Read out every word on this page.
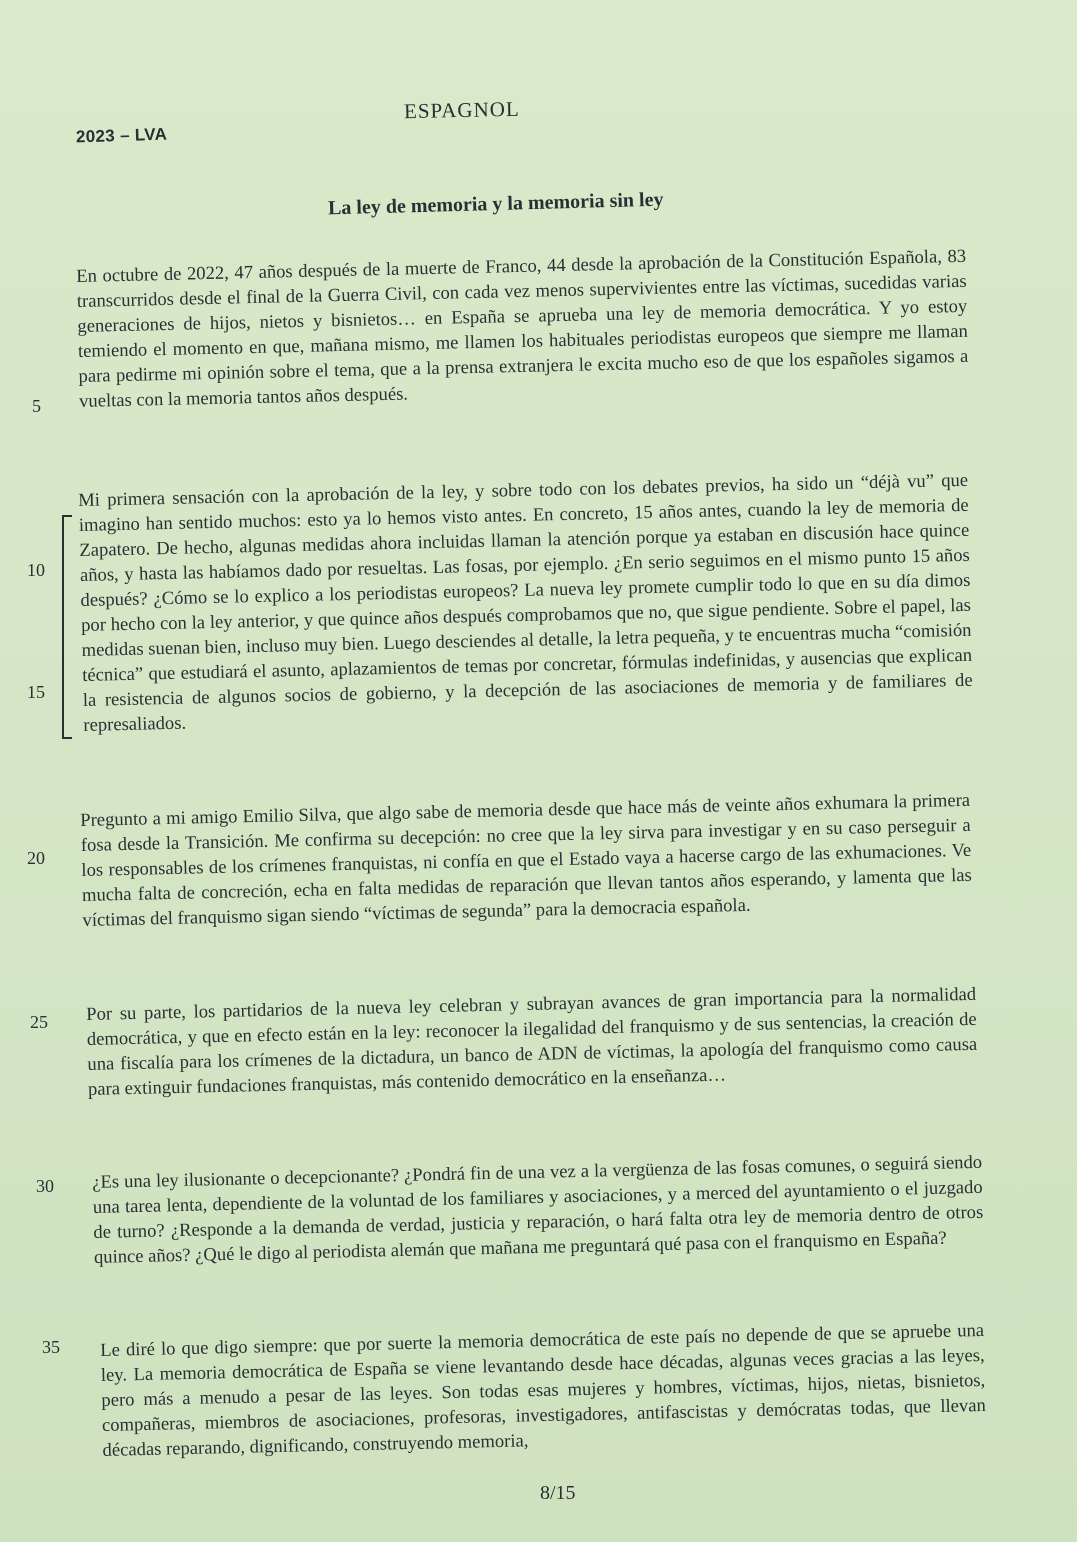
2023 – LVA
ESPAGNOL
La ley de memoria y la memoria sin ley
En octubre de 2022, 47 años después de la muerte de Franco, 44 desde la aprobación de la Constitución Española, 83 transcurridos desde el final de la Guerra Civil, con cada vez menos supervivientes entre las víctimas, sucedidas varias generaciones de hijos, nietos y bisnietos… en España se aprueba una ley de memoria democrática. Y yo estoy temiendo el momento en que, mañana mismo, me llamen los habituales periodistas europeos que siempre me llaman para pedirme mi opinión sobre el tema, que a la prensa extranjera le excita mucho eso de que los españoles sigamos a vueltas con la memoria tantos años después.
Mi primera sensación con la aprobación de la ley, y sobre todo con los debates previos, ha sido un “déjà vu” que imagino han sentido muchos: esto ya lo hemos visto antes. En concreto, 15 años antes, cuando la ley de memoria de Zapatero. De hecho, algunas medidas ahora incluidas llaman la atención porque ya estaban en discusión hace quince años, y hasta las habíamos dado por resueltas. Las fosas, por ejemplo. ¿En serio seguimos en el mismo punto 15 años después? ¿Cómo se lo explico a los periodistas europeos? La nueva ley promete cumplir todo lo que en su día dimos por hecho con la ley anterior, y que quince años después comprobamos que no, que sigue pendiente. Sobre el papel, las medidas suenan bien, incluso muy bien. Luego desciendes al detalle, la letra pequeña, y te encuentras mucha “comisión técnica” que estudiará el asunto, aplazamientos de temas por concretar, fórmulas indefinidas, y ausencias que explican la resistencia de algunos socios de gobierno, y la decepción de las asociaciones de memoria y de familiares de represaliados.
Pregunto a mi amigo Emilio Silva, que algo sabe de memoria desde que hace más de veinte años exhumara la primera fosa desde la Transición. Me confirma su decepción: no cree que la ley sirva para investigar y en su caso perseguir a los responsables de los crímenes franquistas, ni confía en que el Estado vaya a hacerse cargo de las exhumaciones. Ve mucha falta de concreción, echa en falta medidas de reparación que llevan tantos años esperando, y lamenta que las víctimas del franquismo sigan siendo “víctimas de segunda” para la democracia española.
Por su parte, los partidarios de la nueva ley celebran y subrayan avances de gran importancia para la normalidad democrática, y que en efecto están en la ley: reconocer la ilegalidad del franquismo y de sus sentencias, la creación de una fiscalía para los crímenes de la dictadura, un banco de ADN de víctimas, la apología del franquismo como causa para extinguir fundaciones franquistas, más contenido democrático en la enseñanza…
¿Es una ley ilusionante o decepcionante? ¿Pondrá fin de una vez a la vergüenza de las fosas comunes, o seguirá siendo una tarea lenta, dependiente de la voluntad de los familiares y asociaciones, y a merced del ayuntamiento o el juzgado de turno? ¿Responde a la demanda de verdad, justicia y reparación, o hará falta otra ley de memoria dentro de otros quince años? ¿Qué le digo al periodista alemán que mañana me preguntará qué pasa con el franquismo en España?
Le diré lo que digo siempre: que por suerte la memoria democrática de este país no depende de que se apruebe una ley. La memoria democrática de España se viene levantando desde hace décadas, algunas veces gracias a las leyes, pero más a menudo a pesar de las leyes. Son todas esas mujeres y hombres, víctimas, hijos, nietas, bisnietos, compañeras, miembros de asociaciones, profesoras, investigadores, antifascistas y demócratas todas, que llevan décadas reparando, dignificando, construyendo memoria,
5
10
15
20
25
30
35
8/15
